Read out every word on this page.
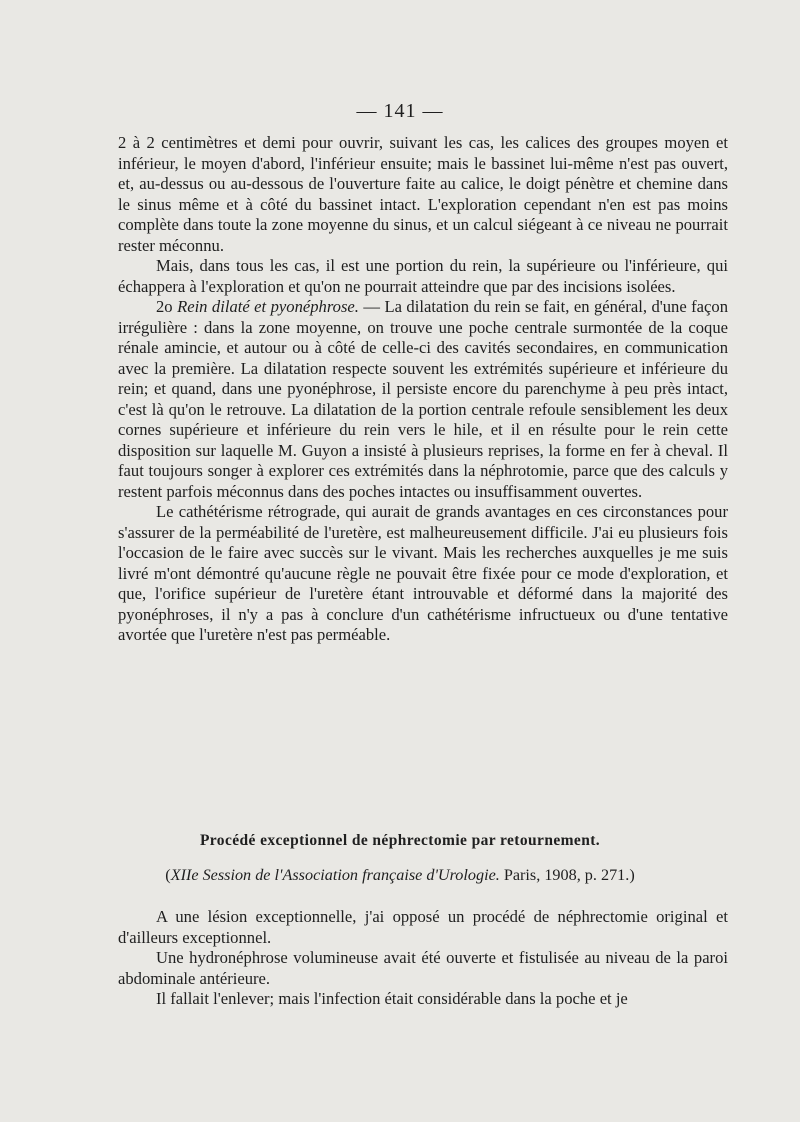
— 141 —

2 à 2 centimètres et demi pour ouvrir, suivant les cas, les calices des groupes moyen et inférieur, le moyen d'abord, l'inférieur ensuite; mais le bassinet lui-même n'est pas ouvert, et, au-dessus ou au-dessous de l'ouverture faite au calice, le doigt pénètre et chemine dans le sinus même et à côté du bassinet intact. L'exploration cependant n'en est pas moins complète dans toute la zone moyenne du sinus, et un calcul siégeant à ce niveau ne pourrait rester méconnu.

Mais, dans tous les cas, il est une portion du rein, la supérieure ou l'inférieure, qui échappera à l'exploration et qu'on ne pourrait atteindre que par des incisions isolées.

2o Rein dilaté et pyonéphrose. — La dilatation du rein se fait, en général, d'une façon irrégulière : dans la zone moyenne, on trouve une poche centrale surmontée de la coque rénale amincie, et autour ou à côté de celle-ci des cavités secondaires, en communication avec la première. La dilatation respecte souvent les extrémités supérieure et inférieure du rein; et quand, dans une pyonéphrose, il persiste encore du parenchyme à peu près intact, c'est là qu'on le retrouve. La dilatation de la portion centrale refoule sensiblement les deux cornes supérieure et inférieure du rein vers le hile, et il en résulte pour le rein cette disposition sur laquelle M. Guyon a insisté à plusieurs reprises, la forme en fer à cheval. Il faut toujours songer à explorer ces extrémités dans la néphrotomie, parce que des calculs y restent parfois méconnus dans des poches intactes ou insuffisamment ouvertes.

Le cathétérisme rétrograde, qui aurait de grands avantages en ces circonstances pour s'assurer de la perméabilité de l'uretère, est malheureusement difficile. J'ai eu plusieurs fois l'occasion de le faire avec succès sur le vivant. Mais les recherches auxquelles je me suis livré m'ont démontré qu'aucune règle ne pouvait être fixée pour ce mode d'exploration, et que, l'orifice supérieur de l'uretère étant introuvable et déformé dans la majorité des pyonéphroses, il n'y a pas à conclure d'un cathétérisme infructueux ou d'une tentative avortée que l'uretère n'est pas perméable.

Procédé exceptionnel de néphrectomie par retournement.
(XIIe Session de l'Association française d'Urologie. Paris, 1908, p. 271.)

A une lésion exceptionnelle, j'ai opposé un procédé de néphrectomie original et d'ailleurs exceptionnel.

Une hydronéphrose volumineuse avait été ouverte et fistulisée au niveau de la paroi abdominale antérieure.

Il fallait l'enlever; mais l'infection était considérable dans la poche et je
